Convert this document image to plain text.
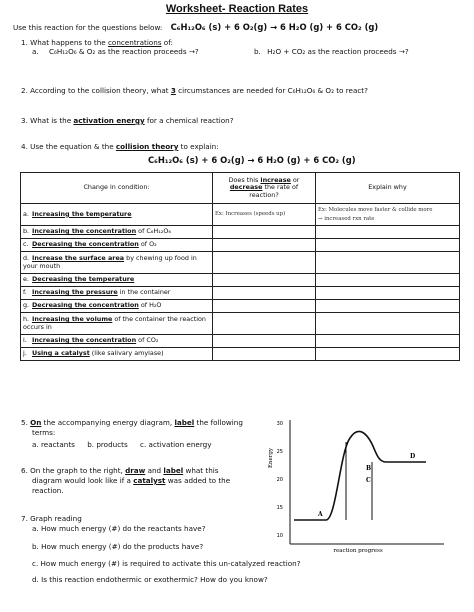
Worksheet- Reaction Rates
Use this reaction for the questions below: C₆H₁₂O₆ (s) + 6 O₂(g) → 6 H₂O (g) + 6 CO₂ (g)
1. What happens to the concentrations of:
a. C₆H₁₂O₆ & O₂ as the reaction proceeds →?	b. H₂O + CO₂ as the reaction proceeds →?
2. According to the collision theory, what 3 circumstances are needed for C₆H₁₂O₆ & O₂ to react?
3. What is the activation energy for a chemical reaction?
4. Use the equation & the collision theory to explain:
C₆H₁₂O₆ (s) + 6 O₂(g) → 6 H₂O (g) + 6 CO₂ (g)
Change in condition:	Does this increase or
decrease the rate of reaction?	Explain why
a. Increasing the temperature	Ex: Increases (speeds up)	Ex: Molecules move faster & collide more
→ increased rxn rate
b. Increasing the concentration of C₆H₁₂O₆		
c. Decreasing the concentration of O₂		
d. Increase the surface area by chewing up food in your mouth		
e. Decreasing the temperature		
f. Increasing the pressure in the container		
g. Decreasing the concentration of H₂O		
h. Increasing the volume of the container the reaction occurs in		
i. Increasing the concentration of CO₂		
j. Using a catalyst (like salivary amylase)		
5. On the accompanying energy diagram, label the following
terms:
a. reactants b. products c. activation energy
6. On the graph to the right, draw and label what this
diagram would look like if a catalyst was added to the
reaction.
7. Graph reading
a. How much energy (#) do the reactants have?
b. How much energy (#) do the products have?
c. How much energy (#) is required to activate this un-catalyzed reaction?
d. Is this reaction endothermic or exothermic? How do you know?
Energy
30
25
20
15
10
A
B
C
D
reaction progress
